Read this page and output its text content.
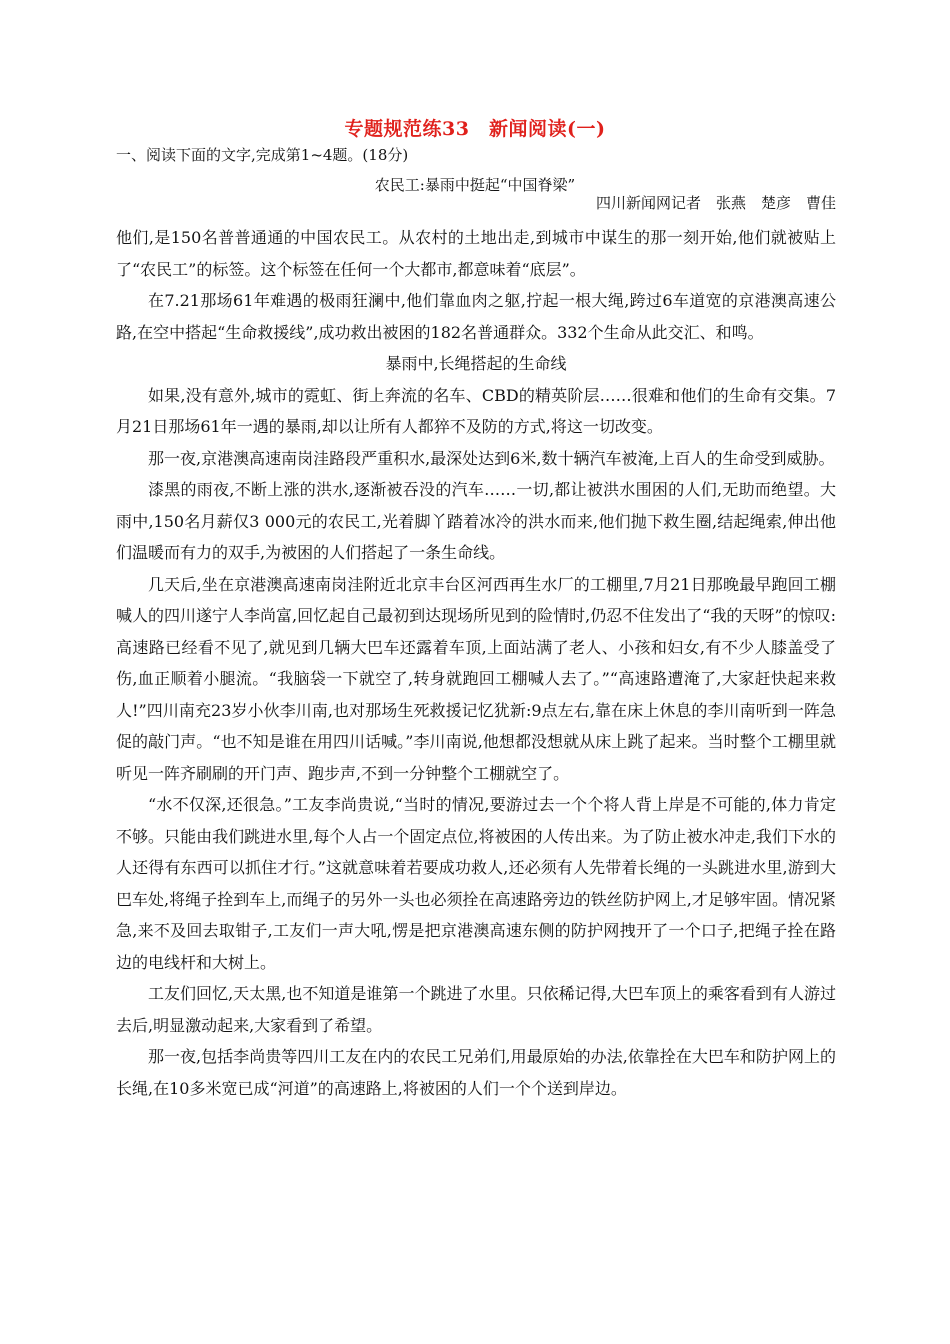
专题规范练33　新闻阅读(一)

一、阅读下面的文字,完成第1~4题。(18分)

农民工:暴雨中挺起“中国脊梁”

四川新闻网记者　张燕　楚彦　曹佳

他们,是150名普普通通的中国农民工。从农村的土地出走,到城市中谋生的那一刻开始,他们就被贴上了“农民工”的标签。这个标签在任何一个大都市,都意味着“底层”。

在7.21那场61年难遇的极雨狂澜中,他们靠血肉之躯,拧起一根大绳,跨过6车道宽的京港澳高速公路,在空中搭起“生命救援线”,成功救出被困的182名普通群众。332个生命从此交汇、和鸣。

暴雨中,长绳搭起的生命线

如果,没有意外,城市的霓虹、街上奔流的名车、CBD的精英阶层……很难和他们的生命有交集。7月21日那场61年一遇的暴雨,却以让所有人都猝不及防的方式,将这一切改变。

那一夜,京港澳高速南岗洼路段严重积水,最深处达到6米,数十辆汽车被淹,上百人的生命受到威胁。

漆黑的雨夜,不断上涨的洪水,逐渐被吞没的汽车……一切,都让被洪水围困的人们,无助而绝望。大雨中,150名月薪仅3 000元的农民工,光着脚丫踏着冰冷的洪水而来,他们抛下救生圈,结起绳索,伸出他们温暖而有力的双手,为被困的人们搭起了一条生命线。

几天后,坐在京港澳高速南岗洼附近北京丰台区河西再生水厂的工棚里,7月21日那晚最早跑回工棚喊人的四川遂宁人李尚富,回忆起自己最初到达现场所见到的险情时,仍忍不住发出了“我的天呀”的惊叹:高速路已经看不见了,就见到几辆大巴车还露着车顶,上面站满了老人、小孩和妇女,有不少人膝盖受了伤,血正顺着小腿流。“我脑袋一下就空了,转身就跑回工棚喊人去了。”“高速路遭淹了,大家赶快起来救人!”四川南充23岁小伙李川南,也对那场生死救援记忆犹新:9点左右,靠在床上休息的李川南听到一阵急促的敲门声。“也不知是谁在用四川话喊。”李川南说,他想都没想就从床上跳了起来。当时整个工棚里就听见一阵齐刷刷的开门声、跑步声,不到一分钟整个工棚就空了。

“水不仅深,还很急。”工友李尚贵说,“当时的情况,要游过去一个个将人背上岸是不可能的,体力肯定不够。只能由我们跳进水里,每个人占一个固定点位,将被困的人传出来。为了防止被水冲走,我们下水的人还得有东西可以抓住才行。”这就意味着若要成功救人,还必须有人先带着长绳的一头跳进水里,游到大巴车处,将绳子拴到车上,而绳子的另外一头也必须拴在高速路旁边的铁丝防护网上,才足够牢固。情况紧急,来不及回去取钳子,工友们一声大吼,愣是把京港澳高速东侧的防护网拽开了一个口子,把绳子拴在路边的电线杆和大树上。

工友们回忆,天太黑,也不知道是谁第一个跳进了水里。只依稀记得,大巴车顶上的乘客看到有人游过去后,明显激动起来,大家看到了希望。

那一夜,包括李尚贵等四川工友在内的农民工兄弟们,用最原始的办法,依靠拴在大巴车和防护网上的长绳,在10多米宽已成“河道”的高速路上,将被困的人们一个个送到岸边。
